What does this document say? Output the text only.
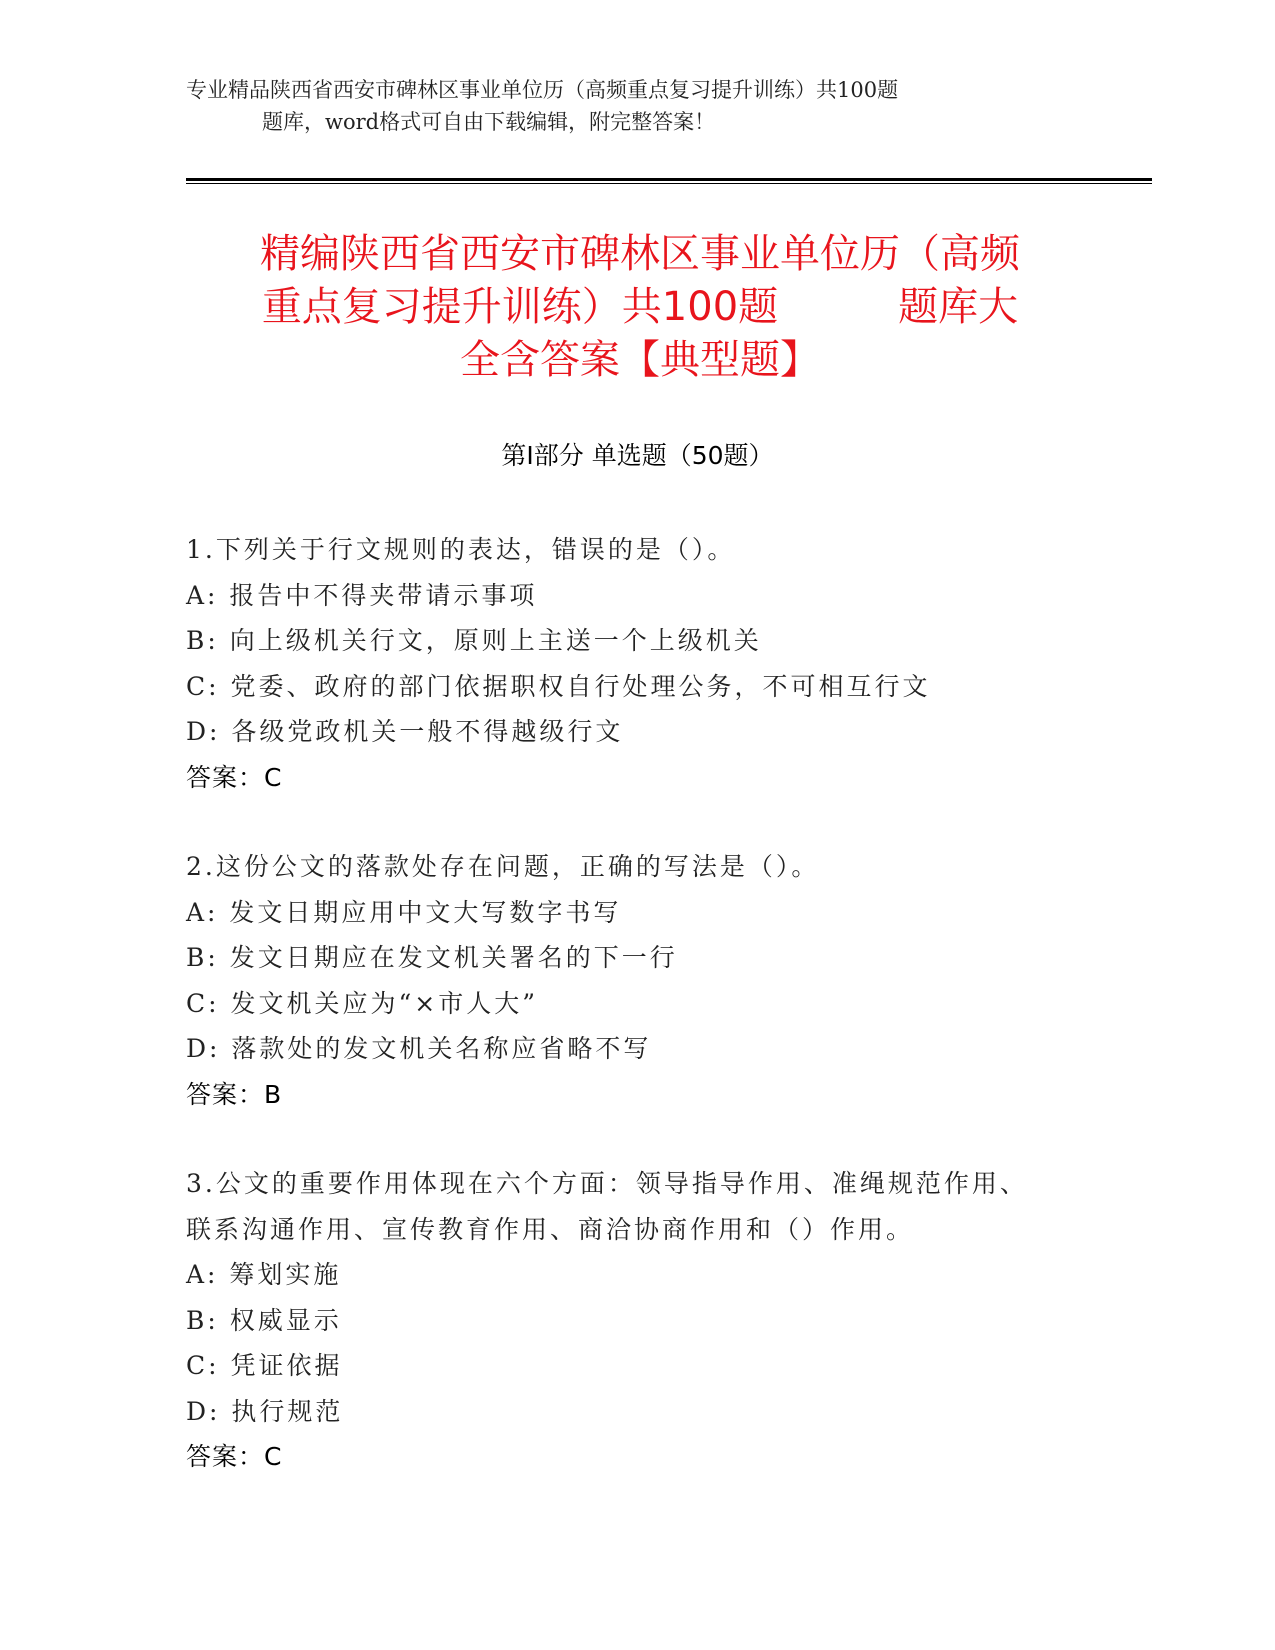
专业精品陕西省西安市碑林区事业单位历（高频重点复习提升训练）共100题
题库，word格式可自由下载编辑，附完整答案！
精编陕西省西安市碑林区事业单位历（高频
重点复习提升训练）共100题　　　题库大
全含答案【典型题】
第Ⅰ部分 单选题（50题）

1.下列关于行文规则的表达，错误的是（）。

A: 报告中不得夹带请示事项

B: 向上级机关行文，原则上主送一个上级机关

C: 党委、政府的部门依据职权自行处理公务，不可相互行文

D: 各级党政机关一般不得越级行文

答案：C

2.这份公文的落款处存在问题，正确的写法是（）。

A: 发文日期应用中文大写数字书写

B: 发文日期应在发文机关署名的下一行

C: 发文机关应为“×市人大”

D: 落款处的发文机关名称应省略不写

答案：B

3.公文的重要作用体现在六个方面：领导指导作用、准绳规范作用、

联系沟通作用、宣传教育作用、商洽协商作用和（）作用。

A: 筹划实施

B: 权威显示

C: 凭证依据

D: 执行规范

答案：C
